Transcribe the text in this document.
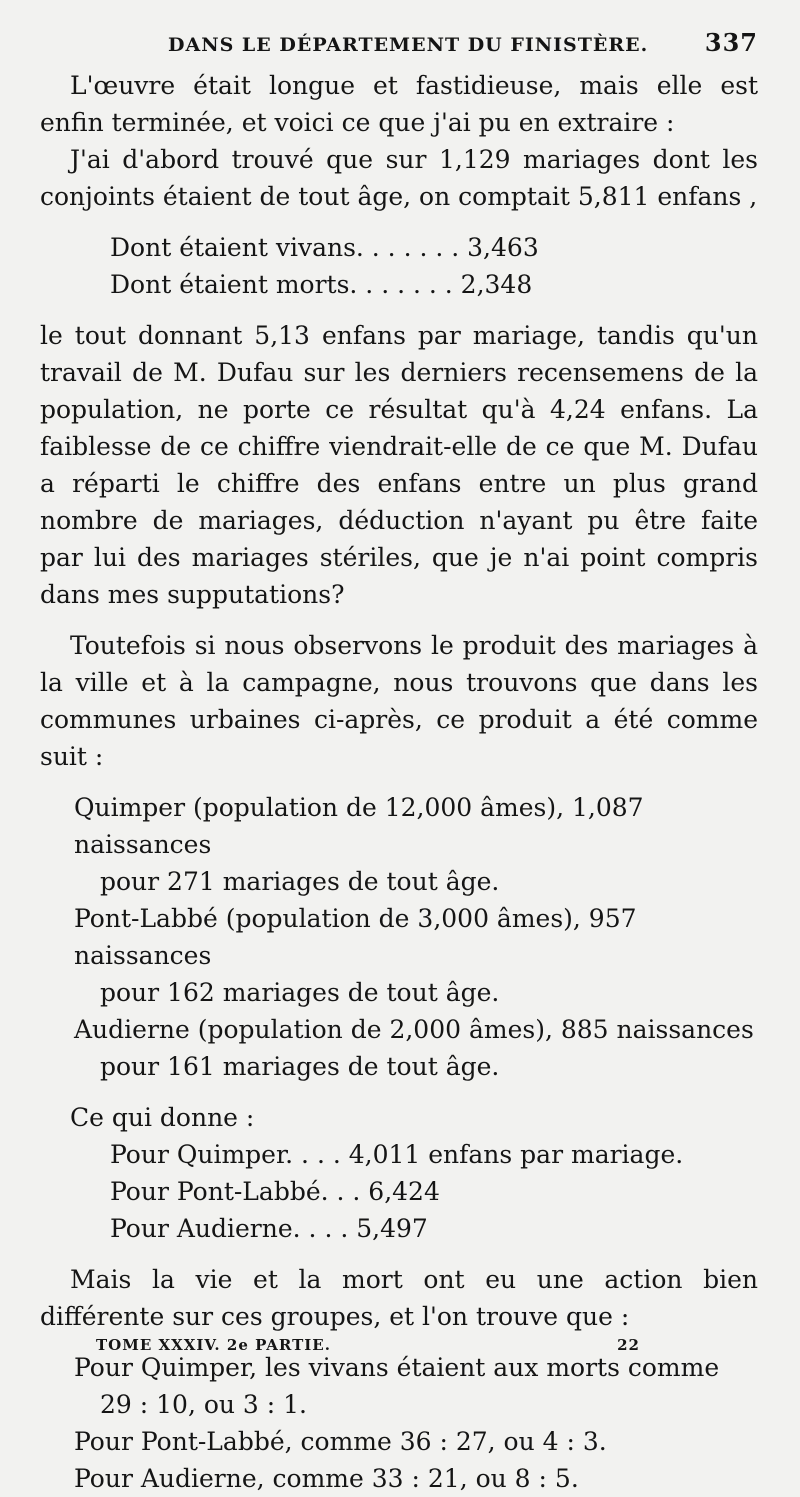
DANS LE DÉPARTEMENT DU FINISTÈRE. 337

L'œuvre était longue et fastidieuse, mais elle est enfin terminée, et voici ce que j'ai pu en extraire :

J'ai d'abord trouvé que sur 1,129 mariages dont les conjoints étaient de tout âge, on comptait 5,811 enfans ,

Dont étaient vivans. . . . . . . 3,463
Dont étaient morts. . . . . . . 2,348

le tout donnant 5,13 enfans par mariage, tandis qu'un travail de M. Dufau sur les derniers recensemens de la population, ne porte ce résultat qu'à 4,24 enfans. La faiblesse de ce chiffre viendrait-elle de ce que M. Dufau a réparti le chiffre des enfans entre un plus grand nombre de mariages, déduction n'ayant pu être faite par lui des mariages stériles, que je n'ai point compris dans mes supputations?

Toutefois si nous observons le produit des mariages à la ville et à la campagne, nous trouvons que dans les communes urbaines ci-après, ce produit a été comme suit :

Quimper (population de 12,000 âmes), 1,087 naissances
pour 271 mariages de tout âge.
Pont-Labbé (population de 3,000 âmes), 957 naissances
pour 162 mariages de tout âge.
Audierne (population de 2,000 âmes), 885 naissances
pour 161 mariages de tout âge.

Ce qui donne :

Pour Quimper. . . . 4,011 enfans par mariage.
Pour Pont-Labbé. . . 6,424
Pour Audierne. . . . 5,497

Mais la vie et la mort ont eu une action bien différente sur ces groupes, et l'on trouve que :

Pour Quimper, les vivans étaient aux morts comme
29 : 10, ou 3 : 1.
Pour Pont-Labbé, comme 36 : 27, ou 4 : 3.
Pour Audierne, comme 33 : 21, ou 8 : 5.
TOME XXXIV. 2e PARTIE.	22
